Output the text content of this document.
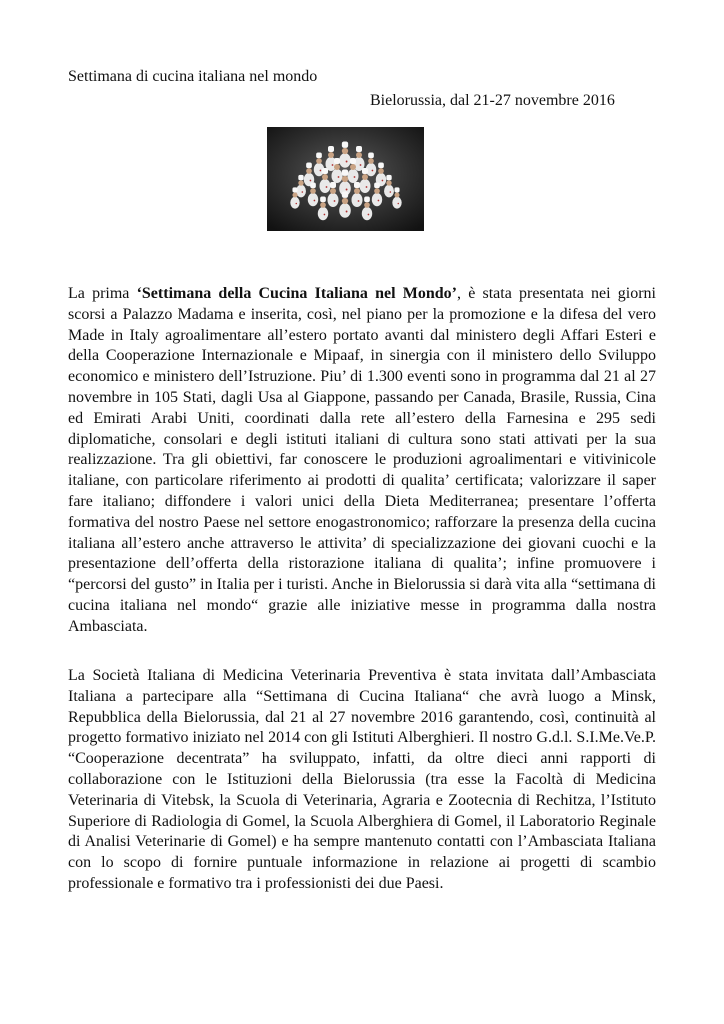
Settimana di cucina italiana nel mondo
Bielorussia, dal 21-27 novembre 2016

La prima ‘Settimana della Cucina Italiana nel Mondo’, è stata presentata nei giorni scorsi a Palazzo Madama e inserita, così, nel piano per la promozione e la difesa del vero Made in Italy agroalimentare all’estero portato avanti dal ministero degli Affari Esteri e della Cooperazione Internazionale e Mipaaf, in sinergia con il ministero dello Sviluppo economico e ministero dell’Istruzione. Piu’ di 1.300 eventi sono in programma dal 21 al 27 novembre in 105 Stati, dagli Usa al Giappone, passando per Canada, Brasile, Russia, Cina ed Emirati Arabi Uniti, coordinati dalla rete all’estero della Farnesina e 295 sedi diplomatiche, consolari e degli istituti italiani di cultura sono stati attivati per la sua realizzazione. Tra gli obiettivi, far conoscere le produzioni agroalimentari e vitivinicole italiane, con particolare riferimento ai prodotti di qualita’ certificata; valorizzare il saper fare italiano; diffondere i valori unici della Dieta Mediterranea; presentare l’offerta formativa del nostro Paese nel settore enogastronomico; rafforzare la presenza della cucina italiana all’estero anche attraverso le attivita’ di specializzazione dei giovani cuochi e la presentazione dell’offerta della ristorazione italiana di qualita’; infine promuovere i “percorsi del gusto” in Italia per i turisti. Anche in Bielorussia si darà vita alla “settimana di cucina italiana nel mondo“ grazie alle iniziative messe in programma dalla nostra Ambasciata.

La Società Italiana di Medicina Veterinaria Preventiva è stata invitata dall’Ambasciata Italiana a partecipare alla “Settimana di Cucina Italiana“ che avrà luogo a Minsk, Repubblica della Bielorussia, dal 21 al 27 novembre 2016 garantendo, così, continuità al progetto formativo iniziato nel 2014 con gli Istituti Alberghieri. Il nostro G.d.l. S.I.Me.Ve.P. “Cooperazione decentrata” ha sviluppato, infatti, da oltre dieci anni rapporti di collaborazione con le Istituzioni della Bielorussia (tra esse la Facoltà di Medicina Veterinaria di Vitebsk, la Scuola di Veterinaria, Agraria e Zootecnia di Rechitza, l’Istituto Superiore di Radiologia di Gomel, la Scuola Alberghiera di Gomel, il Laboratorio Reginale di Analisi Veterinarie di Gomel) e ha sempre mantenuto contatti con l’Ambasciata Italiana con lo scopo di fornire puntuale informazione in relazione ai progetti di scambio professionale e formativo tra i professionisti dei due Paesi.
